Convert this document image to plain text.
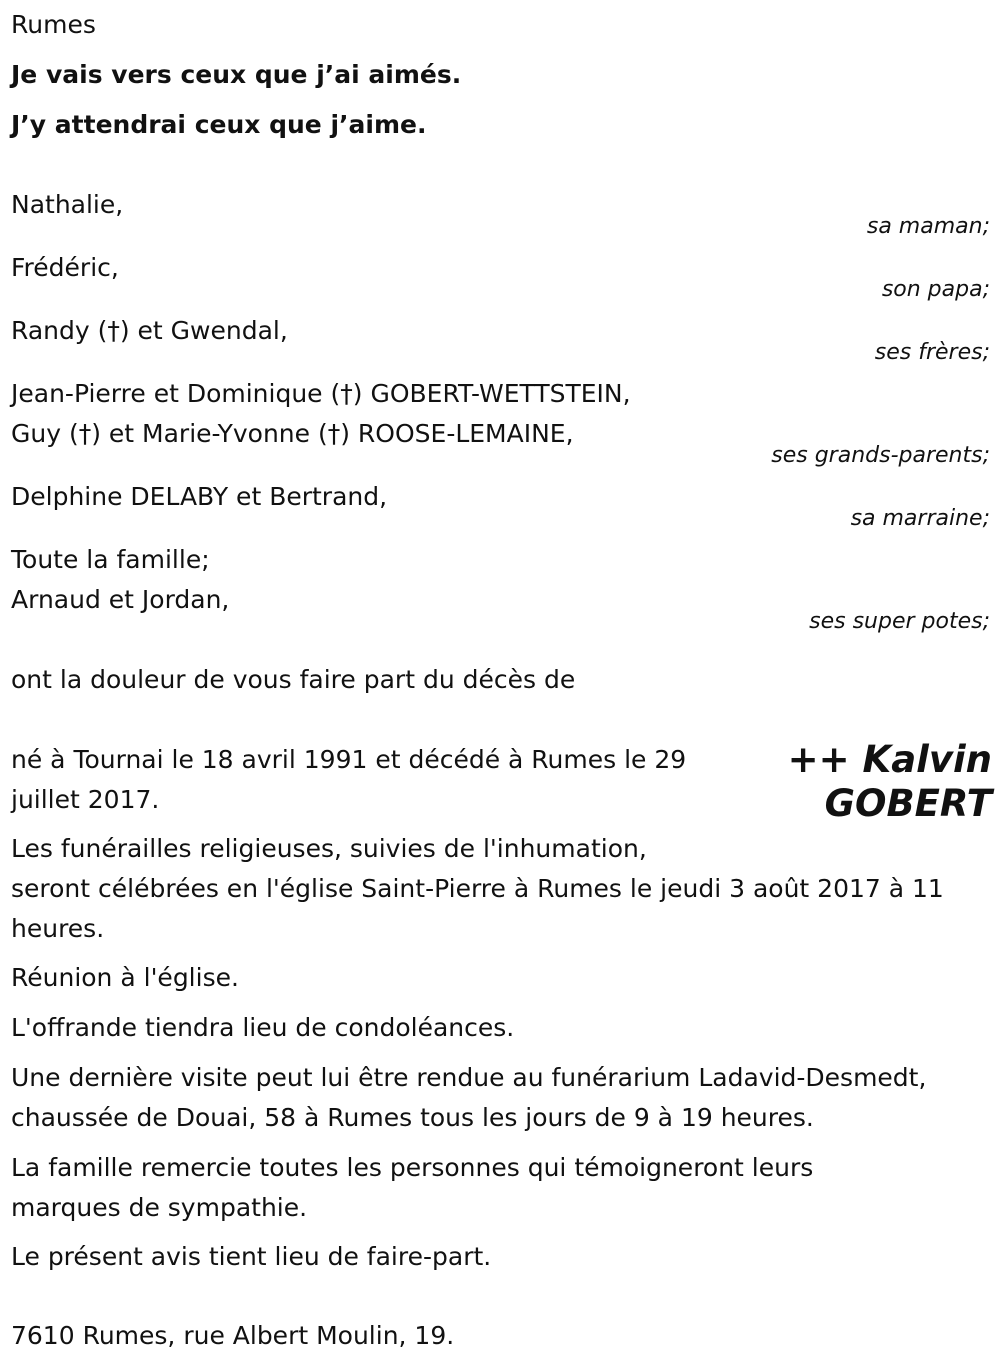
Rumes
Je vais vers ceux que j’ai aimés.
J’y attendrai ceux que j’aime.
Nathalie,
sa maman;
Frédéric,
son papa;
Randy (†) et Gwendal,
ses frères;
Jean-Pierre et Dominique (†) GOBERT-WETTSTEIN,
Guy (†) et Marie-Yvonne (†) ROOSE-LEMAINE,
ses grands-parents;
Delphine DELABY et Bertrand,
sa marraine;
Toute la famille;
Arnaud et Jordan,
ses super potes;
ont la douleur de vous faire part du décès de
++ Kalvin
GOBERT
né à Tournai le 18 avril 1991 et décédé à Rumes le 29 juillet 2017.
Les funérailles religieuses, suivies de l'inhumation,
seront célébrées en l'église Saint-Pierre à Rumes le jeudi 3 août 2017 à 11 heures.
Réunion à l'église.
L'offrande tiendra lieu de condoléances.
Une dernière visite peut lui être rendue au funérarium Ladavid-Desmedt, chaussée de Douai, 58 à Rumes tous les jours de 9 à 19 heures.
La famille remercie toutes les personnes qui témoigneront leurs marques de sympathie.
Le présent avis tient lieu de faire-part.
7610 Rumes, rue Albert Moulin, 19.
